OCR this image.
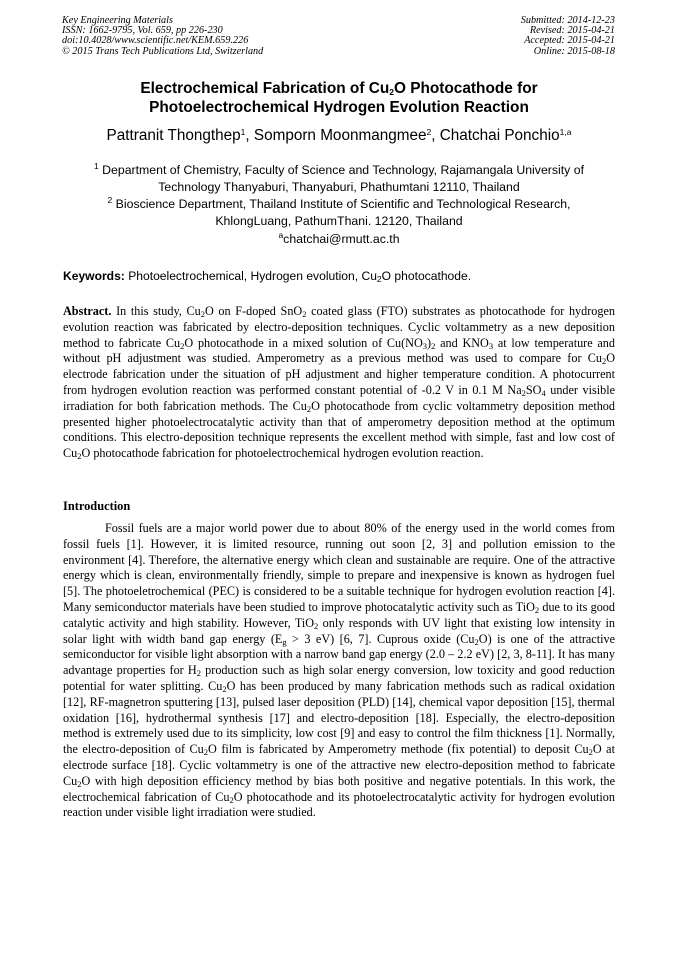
Key Engineering Materials
ISSN: 1662-9795, Vol. 659, pp 226-230
doi:10.4028/www.scientific.net/KEM.659.226
© 2015 Trans Tech Publications Ltd, Switzerland
Submitted: 2014-12-23
Revised: 2015-04-21
Accepted: 2015-04-21
Online: 2015-08-18
Electrochemical Fabrication of $Cu_2O$ Photocathode for
Photoelectrochemical Hydrogen Evolution Reaction
Pattranit Thongthep$^1$, Somporn Moonmangmee$^2$, Chatchai Ponchio$^{1,a}$
$^1$ Department of Chemistry, Faculty of Science and Technology, Rajamangala University of
Technology Thanyaburi, Thanyaburi, Phathumtani 12110, Thailand
$^2$ Bioscience Department, Thailand Institute of Scientific and Technological Research,
KhlongLuang, PathumThani. 12120, Thailand
$^a$chatchai@rmutt.ac.th
Keywords: Photoelectrochemical, Hydrogen evolution, $Cu_2O$ photocathode.

Abstract. In this study, $Cu_2O$ on F-doped SnO$_2$ coated glass (FTO) substrates as photocathode for hydrogen evolution reaction was fabricated by electro-deposition techniques. Cyclic voltammetry as a new deposition method to fabricate $Cu_2O$ photocathode in a mixed solution of $Cu(NO_3)_2$ and $KNO_3$ at low temperature and without pH adjustment was studied. Amperometry as a previous method was used to compare for $Cu_2O$ electrode fabrication under the situation of pH adjustment and higher temperature condition. A photocurrent from hydrogen evolution reaction was performed constant potential of -0.2 V in 0.1 M $Na_2SO_4$ under visible irradiation for both fabrication methods. The $Cu_2O$ photocathode from cyclic voltammetry deposition method presented higher photoelectrocatalytic activity than that of amperometry deposition method at the optimum conditions. This electro-deposition technique represents the excellent method with simple, fast and low cost of $Cu_2O$ photocathode fabrication for photoelectrochemical hydrogen evolution reaction.

Introduction

Fossil fuels are a major world power due to about 80% of the energy used in the world comes from fossil fuels [1]. However, it is limited resource, running out soon [2, 3] and pollution emission to the environment [4]. Therefore, the alternative energy which clean and sustainable are require. One of the attractive energy which is clean, environmentally friendly, simple to prepare and inexpensive is known as hydrogen fuel [5]. The photoeletrochemical (PEC) is considered to be a suitable technique for hydrogen evolution reaction [4]. Many semiconductor materials have been studied to improve photocatalytic activity such as TiO$_2$ due to its good catalytic activity and high stability. However, TiO$_2$ only responds with UV light that existing low intensity in solar light with width band gap energy ($E_g > 3$ eV) [6, 7]. Cuprous oxide $(Cu_2O)$ is one of the attractive semiconductor for visible light absorption with a narrow band gap energy (2.0 – 2.2 eV) [2, 3, 8-11]. It has many advantage properties for $H_2$ production such as high solar energy conversion, low toxicity and good reduction potential for water splitting. $Cu_2O$ has been produced by many fabrication methods such as radical oxidation [12], RF-magnetron sputtering [13], pulsed laser deposition (PLD) [14], chemical vapor deposition [15], thermal oxidation [16], hydrothermal synthesis [17] and electro-deposition [18]. Especially, the electro-deposition method is extremely used due to its simplicity, low cost [9] and easy to control the film thickness [1]. Normally, the electro-deposition of $Cu_2O$ film is fabricated by Amperometry methode (fix potential) to deposit $Cu_2O$ at electrode surface [18]. Cyclic voltammetry is one of the attractive new electro-deposition method to fabricate $Cu_2O$ with high deposition efficiency method by bias both positive and negative potentials. In this work, the electrochemical fabrication of $Cu_2O$ photocathode and its photoelectrocatalytic activity for hydrogen evolution reaction under visible light irradiation were studied.
